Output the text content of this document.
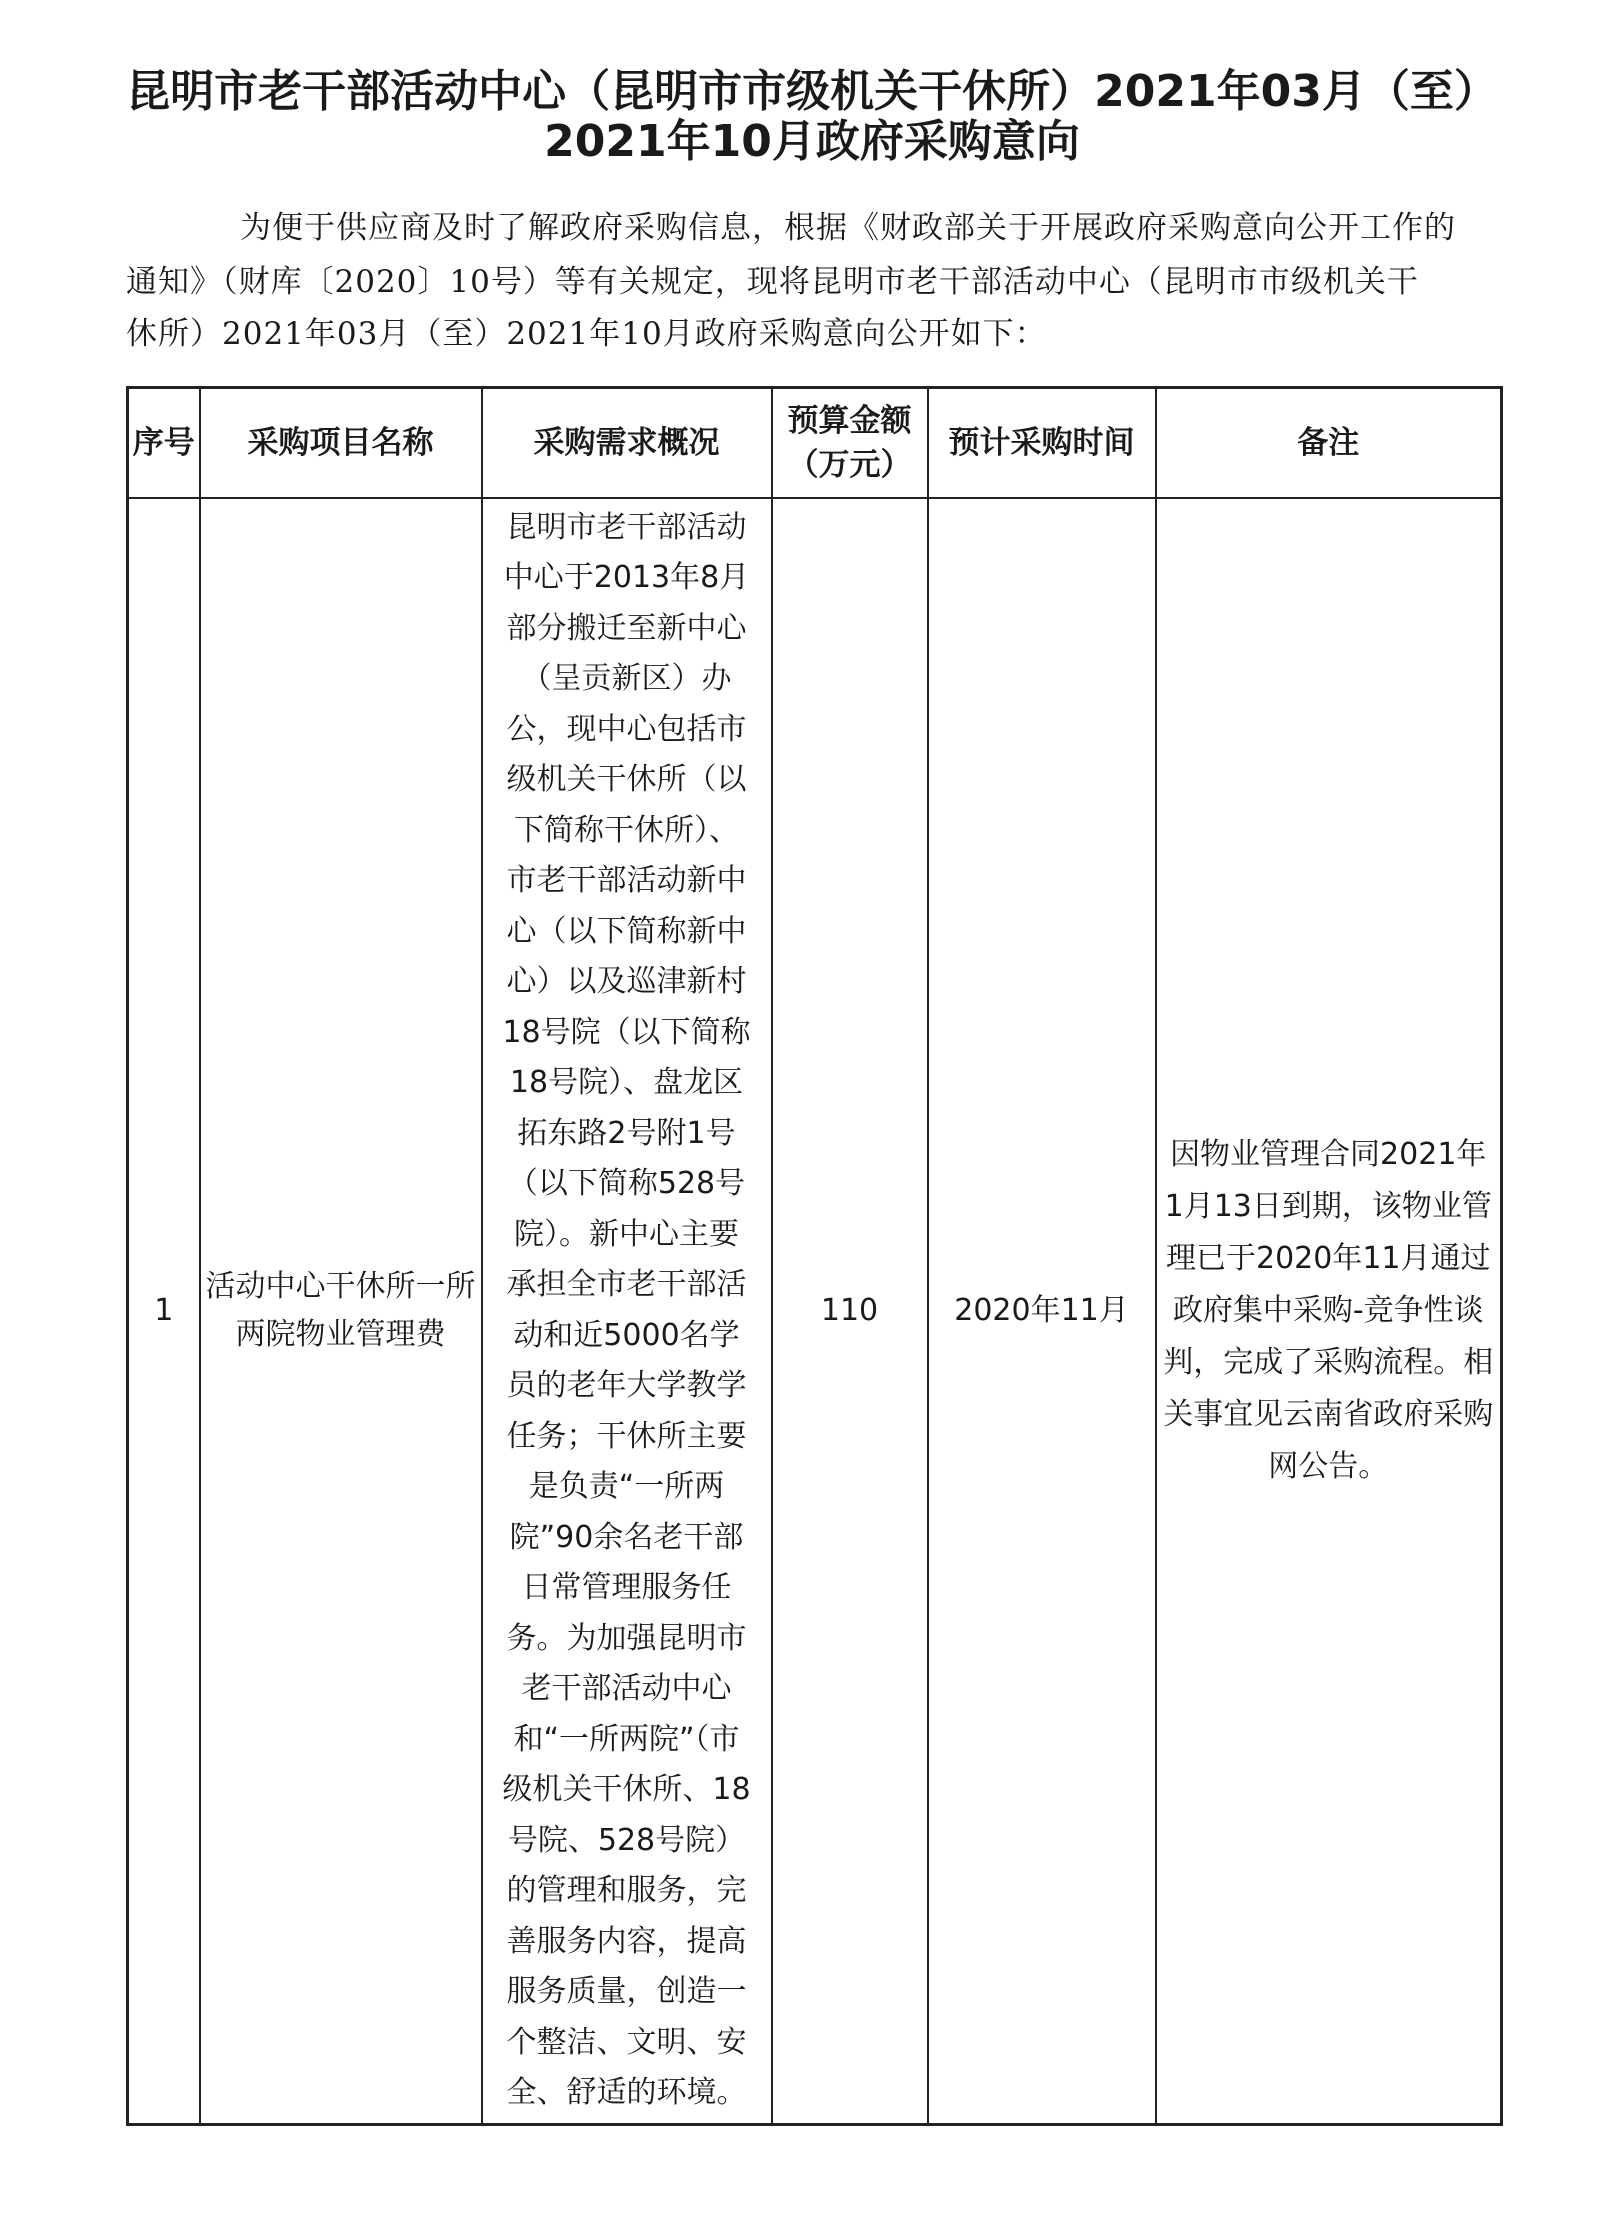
昆明市老干部活动中心（昆明市市级机关干休所）2021年03月（至）
2021年10月政府采购意向
为便于供应商及时了解政府采购信息，根据《财政部关于开展政府采购意向公开工作的
通知》（财库〔2020〕10号）等有关规定，现将昆明市老干部活动中心（昆明市市级机关干
休所）2021年03月（至）2021年10月政府采购意向公开如下：
序号	采购项目名称	采购需求概况	预算金额（万元）	预计采购时间	备注
1	活动中心干休所一所两院物业管理费	昆明市老干部活动中心于2013年8月部分搬迁至新中心（呈贡新区）办公，现中心包括市级机关干休所（以下简称干休所）、市老干部活动新中心（以下简称新中心）以及巡津新村18号院（以下简称18号院）、盘龙区拓东路2号附1号（以下简称528号院）。新中心主要承担全市老干部活动和近5000名学员的老年大学教学任务；干休所主要是负责“一所两院”90余名老干部日常管理服务任务。为加强昆明市老干部活动中心和“一所两院”（市级机关干休所、18号院、528号院）的管理和服务，完善服务内容，提高服务质量，创造一个整洁、文明、安全、舒适的环境。	110	2020年11月	因物业管理合同2021年1月13日到期，该物业管理已于2020年11月通过政府集中采购-竞争性谈判，完成了采购流程。相关事宜见云南省政府采购网公告。
